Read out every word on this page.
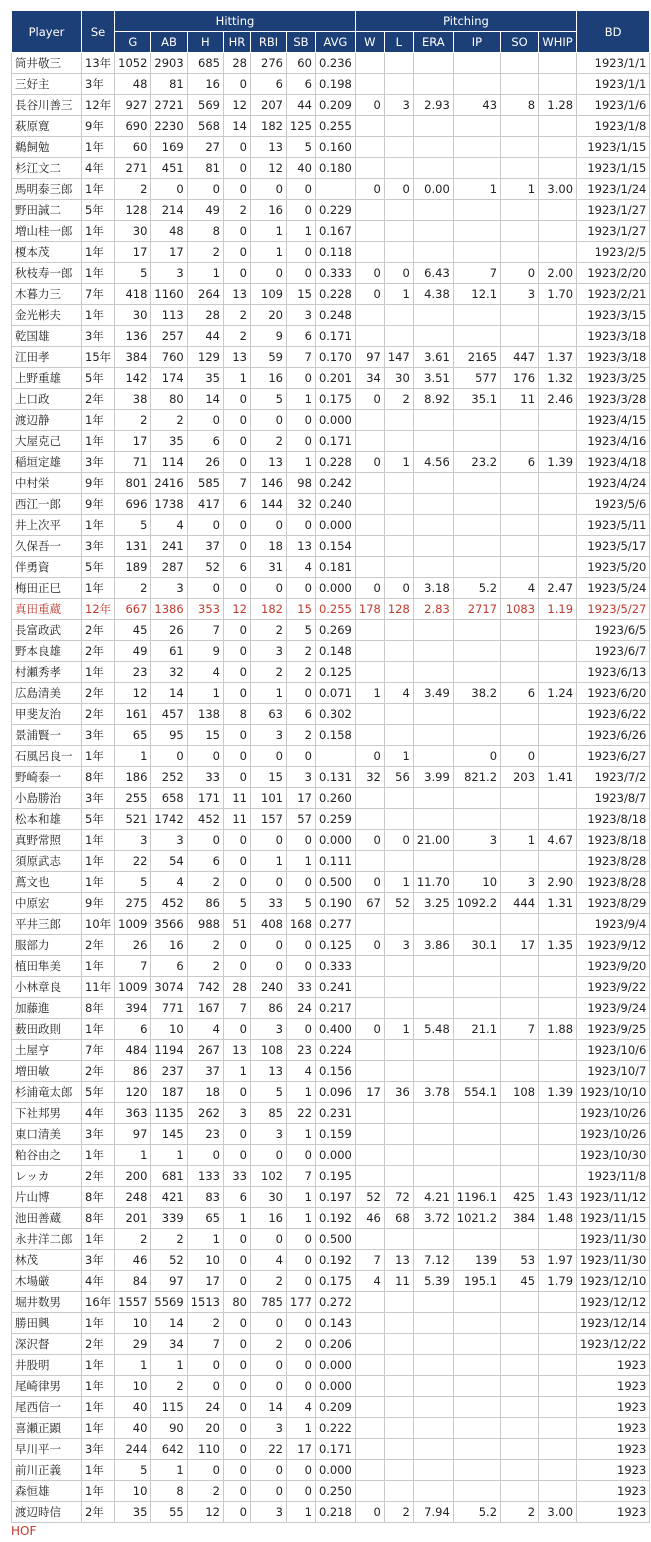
Player	Se	Hitting							Pitching						BD
		G	AB	H	HR	RBI	SB	AVG	W	L	ERA	IP	SO	WHIP	
筒井敬三	13年	1052	2903	685	28	276	60	0.236							1923/1/1
三好主	3年	48	81	16	0	6	6	0.198							1923/1/1
長谷川善三	12年	927	2721	569	12	207	44	0.209	0	3	2.93	43	8	1.28	1923/1/6
萩原寛	9年	690	2230	568	14	182	125	0.255							1923/1/8
鵜飼勉	1年	60	169	27	0	13	5	0.160							1923/1/15
杉江文二	4年	271	451	81	0	12	40	0.180							1923/1/15
馬明泰三郎	1年	2	0	0	0	0	0		0	0	0.00	1	1	3.00	1923/1/24
野田誠二	5年	128	214	49	2	16	0	0.229							1923/1/27
増山桂一郎	1年	30	48	8	0	1	1	0.167							1923/1/27
榎本茂	1年	17	17	2	0	1	0	0.118							1923/2/5
秋枝寿一郎	1年	5	3	1	0	0	0	0.333	0	0	6.43	7	0	2.00	1923/2/20
木暮力三	7年	418	1160	264	13	109	15	0.228	0	1	4.38	12.1	3	1.70	1923/2/21
金光彬夫	1年	30	113	28	2	20	3	0.248							1923/3/15
乾国雄	3年	136	257	44	2	9	6	0.171							1923/3/18
江田孝	15年	384	760	129	13	59	7	0.170	97	147	3.61	2165	447	1.37	1923/3/18
上野重雄	5年	142	174	35	1	16	0	0.201	34	30	3.51	577	176	1.32	1923/3/25
上口政	2年	38	80	14	0	5	1	0.175	0	2	8.92	35.1	11	2.46	1923/3/28
渡辺静	1年	2	2	0	0	0	0	0.000							1923/4/15
大屋克己	1年	17	35	6	0	2	0	0.171							1923/4/16
稲垣定雄	3年	71	114	26	0	13	1	0.228	0	1	4.56	23.2	6	1.39	1923/4/18
中村栄	9年	801	2416	585	7	146	98	0.242							1923/4/24
西江一郎	9年	696	1738	417	6	144	32	0.240							1923/5/6
井上次平	1年	5	4	0	0	0	0	0.000							1923/5/11
久保吾一	3年	131	241	37	0	18	13	0.154							1923/5/17
伴勇資	5年	189	287	52	6	31	4	0.181							1923/5/20
梅田正巳	1年	2	3	0	0	0	0	0.000	0	0	3.18	5.2	4	2.47	1923/5/24
真田重蔵	12年	667	1386	353	12	182	15	0.255	178	128	2.83	2717	1083	1.19	1923/5/27
長富政武	2年	45	26	7	0	2	5	0.269							1923/6/5
野本良雄	2年	49	61	9	0	3	2	0.148							1923/6/7
村瀬秀孝	1年	23	32	4	0	2	2	0.125							1923/6/13
広島清美	2年	12	14	1	0	1	0	0.071	1	4	3.49	38.2	6	1.24	1923/6/20
甲斐友治	2年	161	457	138	8	63	6	0.302							1923/6/22
景浦賢一	3年	65	95	15	0	3	2	0.158							1923/6/26
石風呂良一	1年	1	0	0	0	0	0		0	1		0	0		1923/6/27
野崎泰一	8年	186	252	33	0	15	3	0.131	32	56	3.99	821.2	203	1.41	1923/7/2
小島勝治	3年	255	658	171	11	101	17	0.260							1923/8/7
松本和雄	5年	521	1742	452	11	157	57	0.259							1923/8/18
真野常照	1年	3	3	0	0	0	0	0.000	0	0	21.00	3	1	4.67	1923/8/18
須原武志	1年	22	54	6	0	1	1	0.111							1923/8/28
蔦文也	1年	5	4	2	0	0	0	0.500	0	1	11.70	10	3	2.90	1923/8/28
中原宏	9年	275	452	86	5	33	5	0.190	67	52	3.25	1092.2	444	1.31	1923/8/29
平井三郎	10年	1009	3566	988	51	408	168	0.277							1923/9/4
服部力	2年	26	16	2	0	0	0	0.125	0	3	3.86	30.1	17	1.35	1923/9/12
植田隼美	1年	7	6	2	0	0	0	0.333							1923/9/20
小林章良	11年	1009	3074	742	28	240	33	0.241							1923/9/22
加藤進	8年	394	771	167	7	86	24	0.217							1923/9/24
薮田政則	1年	6	10	4	0	3	0	0.400	0	1	5.48	21.1	7	1.88	1923/9/25
土屋亨	7年	484	1194	267	13	108	23	0.224							1923/10/6
増田敏	2年	86	237	37	1	13	4	0.156							1923/10/7
杉浦竜太郎	5年	120	187	18	0	5	1	0.096	17	36	3.78	554.1	108	1.39	1923/10/10
下社邦男	4年	363	1135	262	3	85	22	0.231							1923/10/26
東口清美	3年	97	145	23	0	3	1	0.159							1923/10/26
粕谷由之	1年	1	1	0	0	0	0	0.000							1923/10/30
レッカ	2年	200	681	133	33	102	7	0.195							1923/11/8
片山博	8年	248	421	83	6	30	1	0.197	52	72	4.21	1196.1	425	1.43	1923/11/12
池田善蔵	8年	201	339	65	1	16	1	0.192	46	68	3.72	1021.2	384	1.48	1923/11/15
永井洋二郎	1年	2	2	1	0	0	0	0.500							1923/11/30
林茂	3年	46	52	10	0	4	0	0.192	7	13	7.12	139	53	1.97	1923/11/30
木場厳	4年	84	97	17	0	2	0	0.175	4	11	5.39	195.1	45	1.79	1923/12/10
堀井数男	16年	1557	5569	1513	80	785	177	0.272							1923/12/12
勝田興	1年	10	14	2	0	0	0	0.143							1923/12/14
深沢督	2年	29	34	7	0	2	0	0.206							1923/12/22
井股明	1年	1	1	0	0	0	0	0.000							1923
尾崎律男	1年	10	2	0	0	0	0	0.000							1923
尾西信一	1年	40	115	24	0	14	4	0.209							1923
喜瀬正顕	1年	40	90	20	0	3	1	0.222							1923
早川平一	3年	244	642	110	0	22	17	0.171							1923
前川正義	1年	5	1	0	0	0	0	0.000							1923
森恒雄	1年	10	8	2	0	0	0	0.250							1923
渡辺時信	2年	35	55	12	0	3	1	0.218	0	2	7.94	5.2	2	3.00	1923
HOF
